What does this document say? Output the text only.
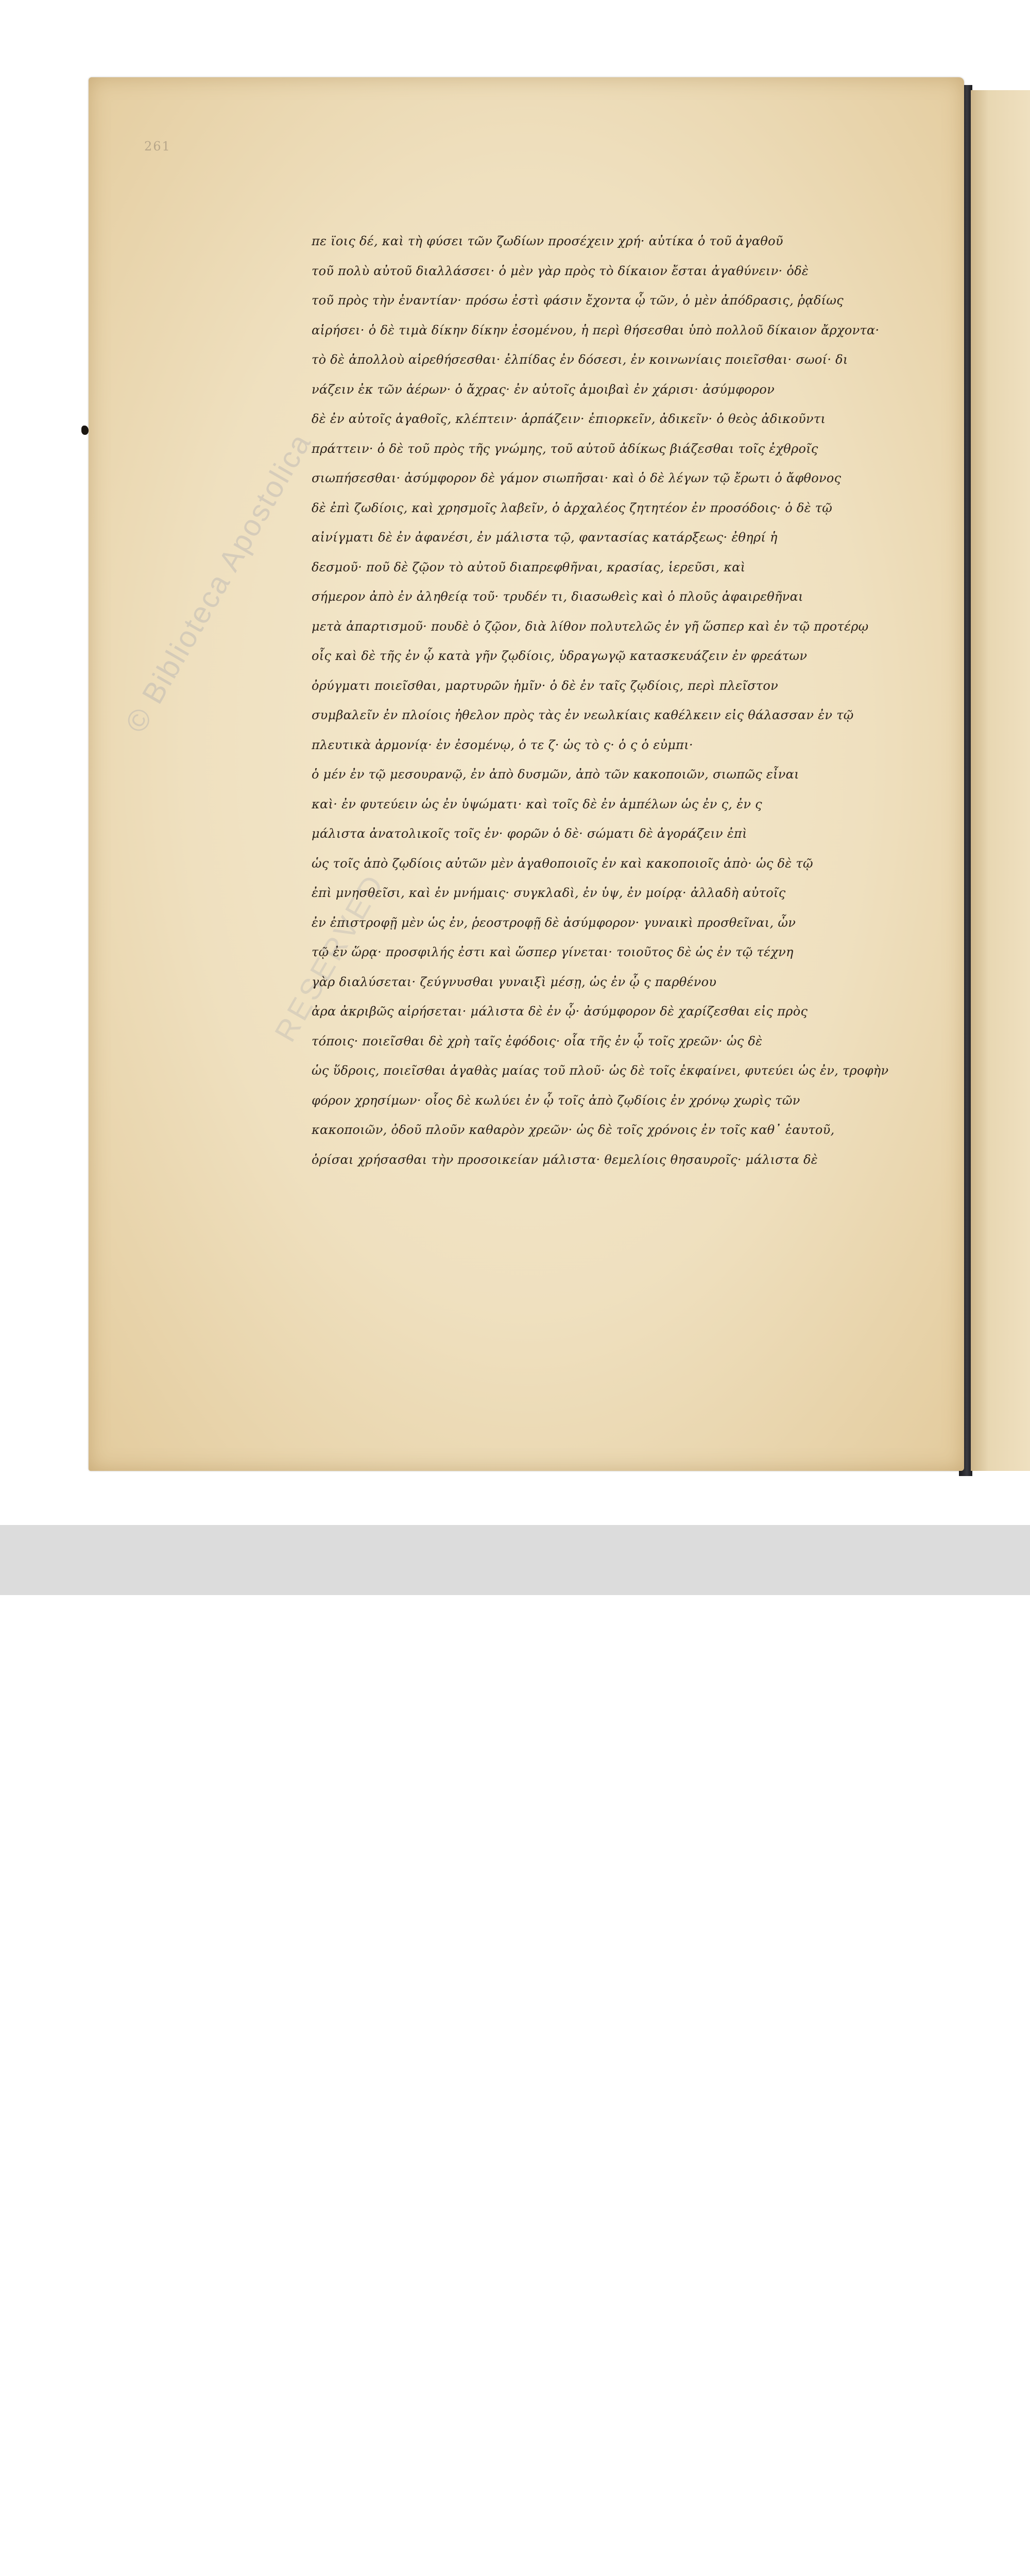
261
© Biblioteca Apostolica
RESERVED
πε ϊοις δέ, καὶ τὴ φύσει τῶν ζωδίων προσέχειν χρή· αὐτίκα ὁ τοῦ ἀγαθοῦ
τοῦ πολὺ αὐτοῦ διαλλάσσει· ὁ μὲν γὰρ πρὸς τὸ δίκαιον ἔσται ἀγαθύνειν· ὁδὲ
τοῦ πρὸς τὴν ἐναντίαν· πρόσω ἐστὶ φάσιν ἔχοντα ᾧ τῶν, ὁ μὲν ἀπόδρασις, ῥᾳδίως
αἱρήσει· ὁ δὲ τιμὰ δίκην δίκην ἐσομένου, ἡ περὶ θήσεσθαι ὑπὸ πολλοῦ δίκαιον ἄρχοντα·
τὸ δὲ ἀπολλοὺ αἱρεθήσεσθαι· ἐλπίδας ἐν δόσεσι, ἐν κοινωνίαις ποιεῖσθαι· σωοί· δι
νάζειν ἐκ τῶν ἀέρων· ὁ ἄχρας· ἐν αὐτοῖς ἀμοιβαὶ ἐν χάρισι· ἀσύμφορον
δὲ ἐν αὐτοῖς ἀγαθοῖς, κλέπτειν· ἁρπάζειν· ἐπιορκεῖν, ἀδικεῖν· ὁ θεὸς ἀδικοῦντι
πράττειν· ὁ δὲ τοῦ πρὸς τῆς γνώμης, τοῦ αὐτοῦ ἀδίκως βιάζεσθαι τοῖς ἐχθροῖς
σιωπήσεσθαι· ἀσύμφορον δὲ γάμον σιωπῆσαι· καὶ ὁ δὲ λέγων τῷ ἔρωτι ὁ ἄφθονος
δὲ ἐπὶ ζωδίοις, καὶ χρησμοῖς λαβεῖν, ὁ ἀρχαλέος ζητητέον ἐν προσόδοις· ὁ δὲ τῷ
αἰνίγματι δὲ ἐν ἀφανέσι, ἐν μάλιστα τῷ, φαντασίας κατάρξεως· ἐθηρί ἡ
δεσμοῦ· ποῦ δὲ ζῷον τὸ αὐτοῦ διαπρεφθῆναι, κρασίας, ἱερεῦσι, καὶ
σήμερον ἀπὸ ἐν ἀληθείᾳ τοῦ· τρυδέν τι, διασωθεὶς καὶ ὁ πλοῦς ἀφαιρεθῆναι
μετὰ ἀπαρτισμοῦ· πουδὲ ὁ ζῷον, διὰ λίθον πολυτελῶς ἐν γῆ ὥσπερ καὶ ἐν τῷ προτέρῳ
οἷς καὶ δὲ τῆς ἐν ᾧ κατὰ γῆν ζῳδίοις, ὑδραγωγῷ κατασκευάζειν ἐν φρεάτων
ὀρύγματι ποιεῖσθαι, μαρτυρῶν ἡμῖν· ὁ δὲ ἐν ταῖς ζῳδίοις, περὶ πλεῖστον
συμβαλεῖν ἐν πλοίοις ἠθελον πρὸς τὰς ἐν νεωλκίαις καθέλκειν εἰς θάλασσαν ἐν τῷ
πλευτικὰ ἀρμονίᾳ· ἐν ἐσομένῳ, ὁ τε ζ· ὡς τὸ ς· ὁ ς ὁ εὐμπι·
ὁ μέν ἐν τῷ μεσουρανῷ, ἐν ἀπὸ δυσμῶν, ἀπὸ τῶν κακοποιῶν, σιωπῶς εἶναι
καὶ· ἐν φυτεύειν ὡς ἐν ὑψώματι· καὶ τοῖς δὲ ἐν ἀμπέλων ὡς ἐν ς, ἐν ς
μάλιστα ἀνατολικοῖς τοῖς ἐν· φορῶν ὁ δὲ· σώματι δὲ ἀγοράζειν ἐπὶ
ὡς τοῖς ἀπὸ ζῳδίοις αὐτῶν μὲν ἀγαθοποιοῖς ἐν καὶ κακοποιοῖς ἀπὸ· ὡς δὲ τῷ
ἐπὶ μνησθεῖσι, καὶ ἐν μνήμαις· συγκλαδὶ, ἐν ὑψ, ἐν μοίρᾳ· ἀλλαδὴ αὐτοῖς
ἐν ἐπιστροφῇ μὲν ὡς ἐν, ῥεοστροφῇ δὲ ἀσύμφορον· γυναικὶ προσθεῖναι, ὧν
τῷ ἐν ὥρᾳ· προσφιλής ἐστι καὶ ὥσπερ γίνεται· τοιοῦτος δὲ ὡς ἐν τῷ τέχνη
γὰρ διαλύσεται· ζεύγνυσθαι γυναιξὶ μέσῃ, ὡς ἐν ᾧ ς παρθένου
ἀρα ἀκριβῶς αἱρήσεται· μάλιστα δὲ ἐν ᾧ· ἀσύμφορον δὲ χαρίζεσθαι εἰς πρὸς
τόποις· ποιεῖσθαι δὲ χρὴ ταῖς ἐφόδοις· οἷα τῆς ἐν ᾧ τοῖς χρεῶν· ὡς δὲ
ὡς ὕδροις, ποιεῖσθαι ἀγαθὰς μαίας τοῦ πλοῦ· ὡς δὲ τοῖς ἐκφαίνει, φυτεύει ὡς ἐν, τροφὴν
φόρον χρησίμων· οἷος δὲ κωλύει ἐν ᾧ τοῖς ἀπὸ ζῳδίοις ἐν χρόνῳ χωρὶς τῶν
κακοποιῶν, ὁδοῦ πλοῦν καθαρὸν χρεῶν· ὡς δὲ τοῖς χρόνοις ἐν τοῖς καθ᾽ ἑαυτοῦ,
ὁρίσαι χρήσασθαι τὴν προσοικείαν μάλιστα· θεμελίοις θησαυροῖς· μάλιστα δὲ
